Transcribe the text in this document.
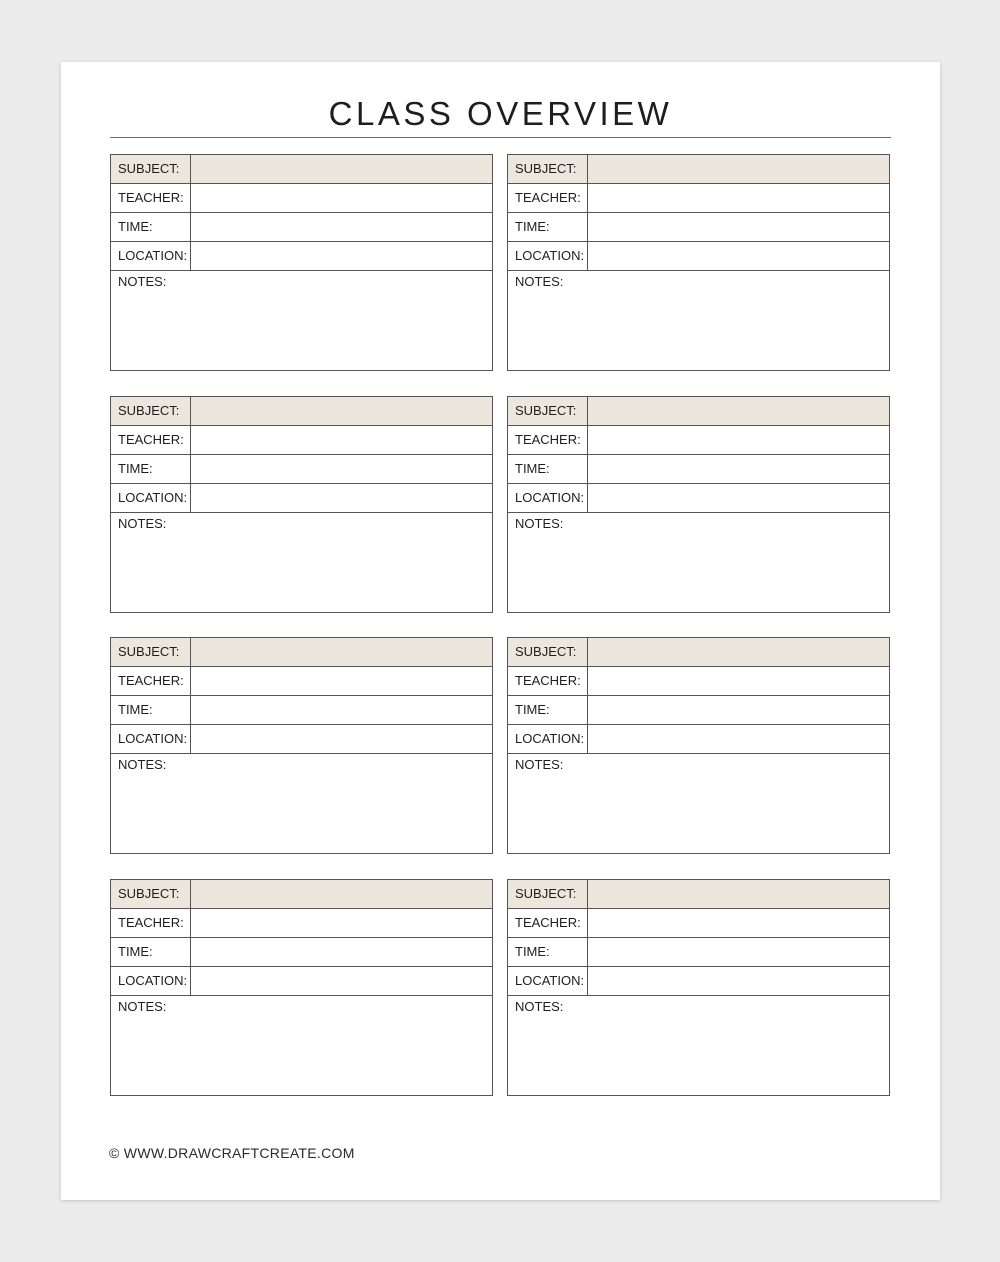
CLASS OVERVIEW
SUBJECT:
TEACHER:
TIME:
LOCATION:
NOTES:
SUBJECT:
TEACHER:
TIME:
LOCATION:
NOTES:
SUBJECT:
TEACHER:
TIME:
LOCATION:
NOTES:
SUBJECT:
TEACHER:
TIME:
LOCATION:
NOTES:
SUBJECT:
TEACHER:
TIME:
LOCATION:
NOTES:
SUBJECT:
TEACHER:
TIME:
LOCATION:
NOTES:
SUBJECT:
TEACHER:
TIME:
LOCATION:
NOTES:
SUBJECT:
TEACHER:
TIME:
LOCATION:
NOTES:
© WWW.DRAWCRAFTCREATE.COM
